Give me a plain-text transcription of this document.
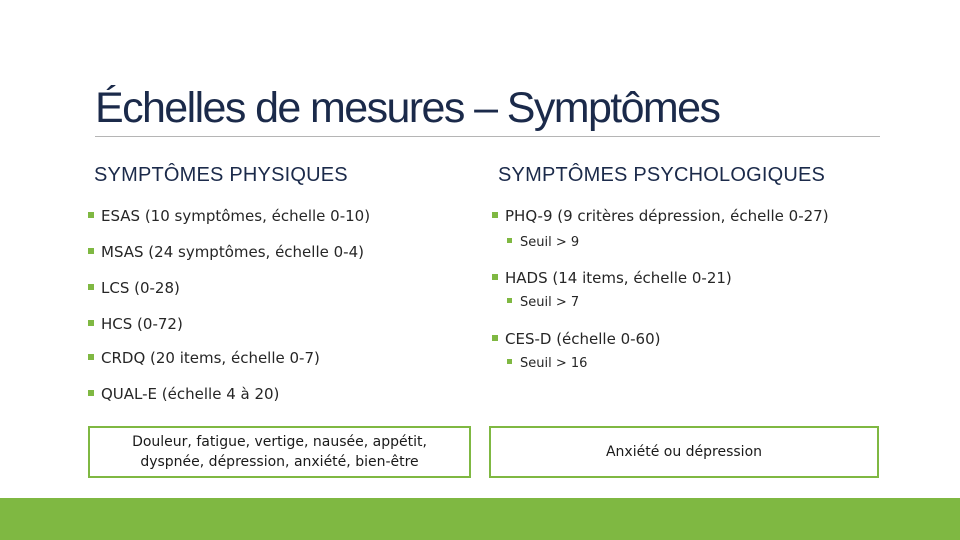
Échelles de mesures – Symptômes
SYMPTÔMES PHYSIQUES	SYMPTÔMES PSYCHOLOGIQUES
ESAS (10 symptômes, échelle 0-10)
MSAS (24 symptômes, échelle 0-4)
LCS (0-28)
HCS (0-72)
CRDQ (20 items, échelle 0-7)
QUAL-E (échelle 4 à 20)
PHQ-9 (9 critères dépression, échelle 0-27)
Seuil > 9
HADS (14 items, échelle 0-21)
Seuil > 7
CES-D (échelle 0-60)
Seuil > 16
Douleur, fatigue, vertige, nausée, appétit,
dyspnée, dépression, anxiété, bien-être
Anxiété ou dépression
